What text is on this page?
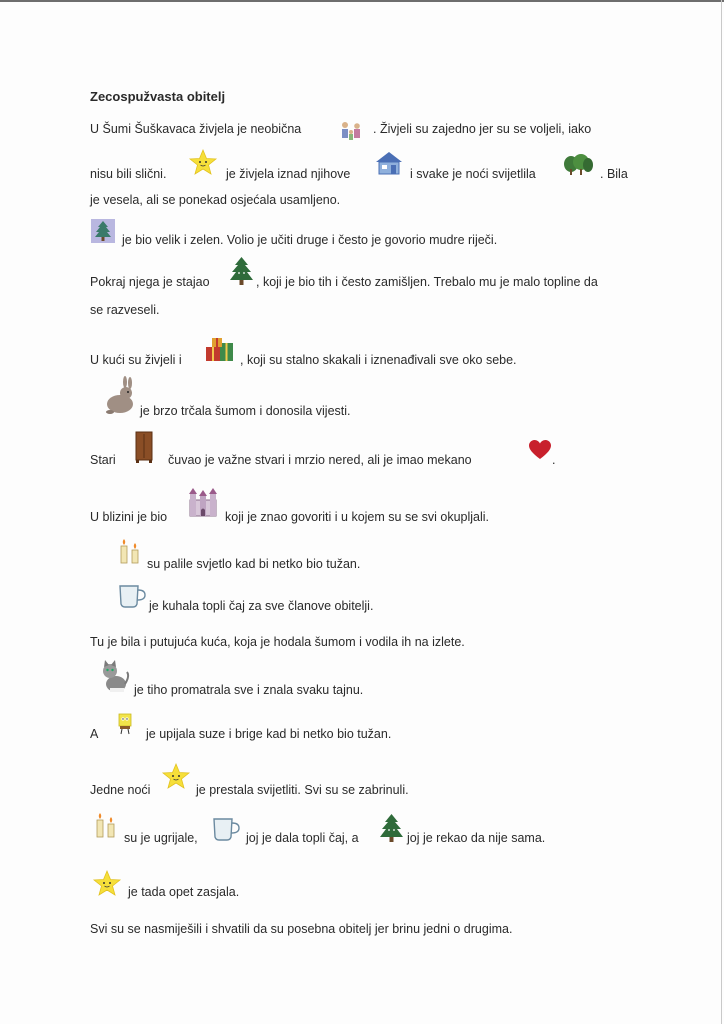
Zecospužvasta obitelj
U Šumi Šuškavaca živjela je neobična	. Živjeli su zajedno jer su se voljeli, iako
nisu bili slični.	je živjela iznad njihove	i svake je noći svijetlila	. Bila
je vesela, ali se ponekad osjećala usamljeno.
je bio velik i zelen. Volio je učiti druge i često je govorio mudre riječi.
Pokraj njega je stajao	, koji je bio tih i često zamišljen. Trebalo mu je malo topline da
se razveseli.
U kući su živjeli i	, koji su stalno skakali i iznenađivali sve oko sebe.
je brzo trčala šumom i donosila vijesti.
Stari	čuvao je važne stvari i mrzio nered, ali je imao mekano	.
U blizini je bio	koji je znao govoriti i u kojem su se svi okupljali.
su palile svjetlo kad bi netko bio tužan.
je kuhala topli čaj za sve članove obitelji.
Tu je bila i putujuća kuća, koja je hodala šumom i vodila ih na izlete.
je tiho promatrala sve i znala svaku tajnu.
A	je upijala suze i brige kad bi netko bio tužan.
Jedne noći	je prestala svijetliti. Svi su se zabrinuli.
su je ugrijale,	joj je dala topli čaj, a	joj je rekao da nije sama.
je tada opet zasjala.
Svi su se nasmiješili i shvatili da su posebna obitelj jer brinu jedni o drugima.
